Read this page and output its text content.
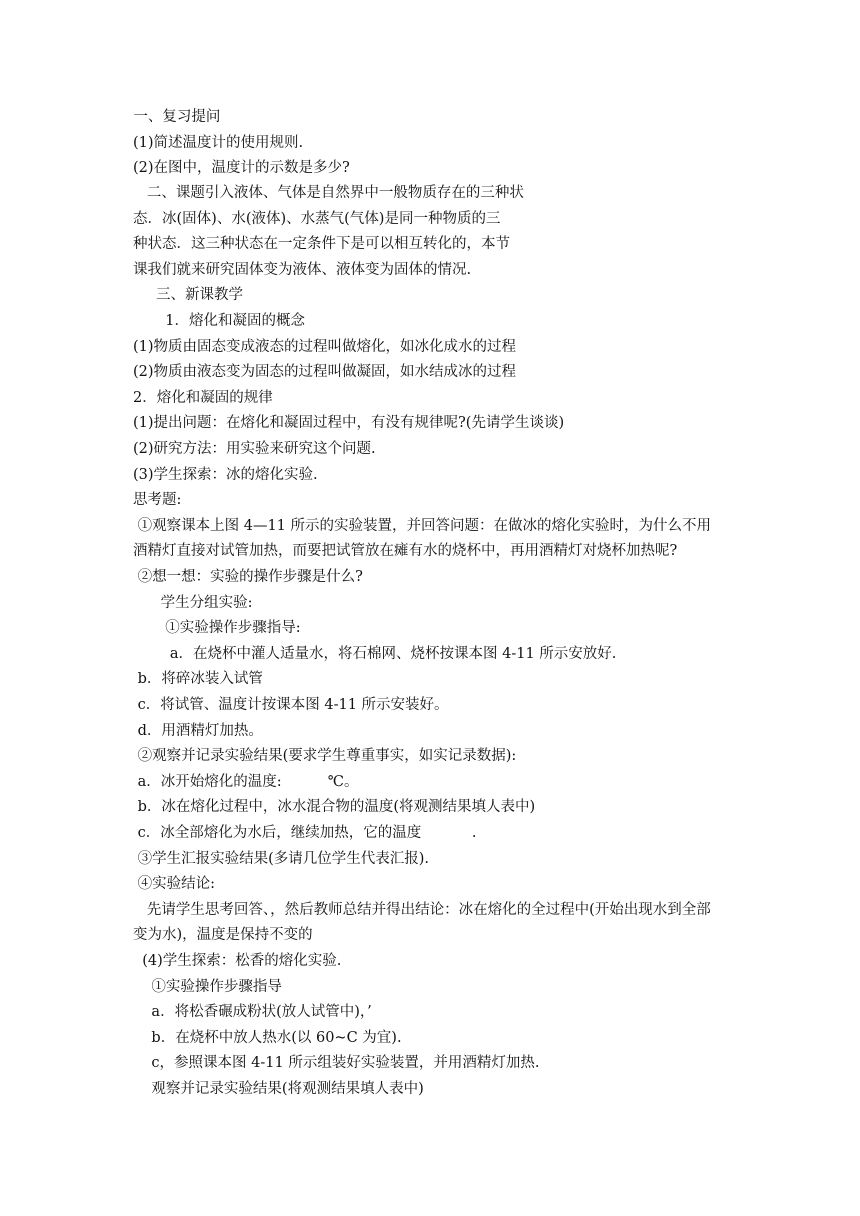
一、复习提问
(1)简述温度计的使用规则.
(2)在图中，温度计的示数是多少?
二、课题引入液体、气体是自然界中一般物质存在的三种状
态．冰(固体)、水(液体)、水蒸气(气体)是同一种物质的三
种状态．这三种状态在一定条件下是可以相互转化的，本节
课我们就来研究固体变为液体、液体变为固体的情况.
三、新课教学
1．熔化和凝固的概念
(1)物质由固态变成液态的过程叫做熔化，如冰化成水的过程
(2)物质由液态变为固态的过程叫做凝固，如水结成冰的过程
2．熔化和凝固的规律
(1)提出问题：在熔化和凝固过程中，有没有规律呢?(先请学生谈谈)
(2)研究方法：用实验来研究这个问题.
(3)学生探索：冰的熔化实验.
思考题:
①观察课本上图 4—11 所示的实验装置，并回答问题：在做冰的熔化实验时，为什么不用
酒精灯直接对试管加热，而要把试管放在瘫有水的烧杯中，再用酒精灯对烧杯加热呢?
②想一想：实验的操作步骤是什么?
学生分组实验:
①实验操作步骤指导:
a．在烧杯中灌人适量水，将石棉网、烧杯按课本图 4-11 所示安放好.
b．将碎冰装入试管
c．将试管、温度计按课本图 4-11 所示安装好。
d．用酒精灯加热。
②观察并记录实验结果(要求学生尊重事实，如实记录数据):
a．冰开始熔化的温度:          ℃。
b．冰在熔化过程中，冰水混合物的温度(将观测结果填人表中)
c．冰全部熔化为水后，继续加热，它的温度           .
③学生汇报实验结果(多请几位学生代表汇报).
④实验结论:
先请学生思考回答、，然后教师总结并得出结论：冰在熔化的全过程中(开始出现水到全部
变为水)，温度是保持不变的
(4)学生探索：松香的熔化实验.
①实验操作步骤指导
a．将松香碾成粉状(放人试管中)，’
b．在烧杯中放人热水(以 60~C 为宜).
c，参照课本图 4-11 所示组装好实验装置，并用酒精灯加热.
观察并记录实验结果(将观测结果填人表中)
